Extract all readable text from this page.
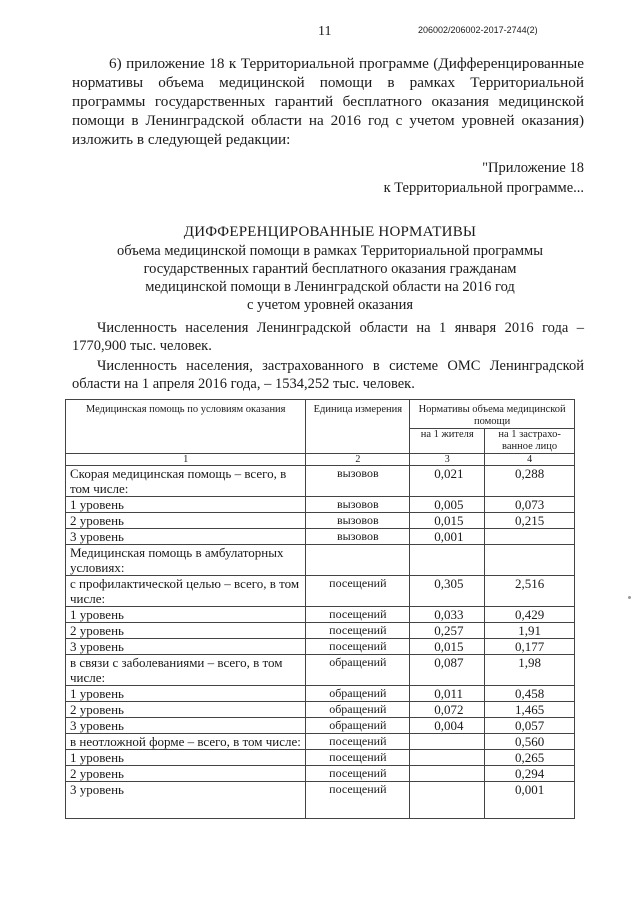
11	206002/206002-2017-2744(2)

6) приложение 18 к Территориальной программе (Дифференцированные нормативы объема медицинской помощи в рамках Территориальной программы государственных гарантий бесплатного оказания медицинской помощи в Ленинградской области на 2016 год с учетом уровней оказания) изложить в следующей редакции:

"Приложение 18
к Территориальной программе...
ДИФФЕРЕНЦИРОВАННЫЕ НОРМАТИВЫ
объема медицинской помощи в рамках Территориальной программы
государственных гарантий бесплатного оказания гражданам
медицинской помощи в Ленинградской области на 2016 год
с учетом уровней оказания

Численность населения Ленинградской области на 1 января 2016 года – 1770,900 тыс. человек.

Численность населения, застрахованного в системе ОМС Ленинградской области на 1 апреля 2016 года, – 1534,252 тыс. человек.

Медицинская помощь по условиям оказания	Единица измерения	Нормативы объема медицинской помощи	
		на 1 жителя	на 1 застрахо-ванное лицо
1	2	3	4
Скорая медицинская помощь – всего, в том числе:	вызовов	0,021	0,288
1 уровень	вызовов	0,005	0,073
2 уровень	вызовов	0,015	0,215
3 уровень	вызовов	0,001	
Медицинская помощь в амбулаторных условиях:			
с профилактической целью – всего, в том числе:	посещений	0,305	2,516
1 уровень	посещений	0,033	0,429
2 уровень	посещений	0,257	1,91
3 уровень	посещений	0,015	0,177
в связи с заболеваниями – всего, в том числе:	обращений	0,087	1,98
1 уровень	обращений	0,011	0,458
2 уровень	обращений	0,072	1,465
3 уровень	обращений	0,004	0,057
в неотложной форме – всего, в том числе:	посещений		0,560
1 уровень	посещений		0,265
2 уровень	посещений		0,294
3 уровень	посещений		0,001
